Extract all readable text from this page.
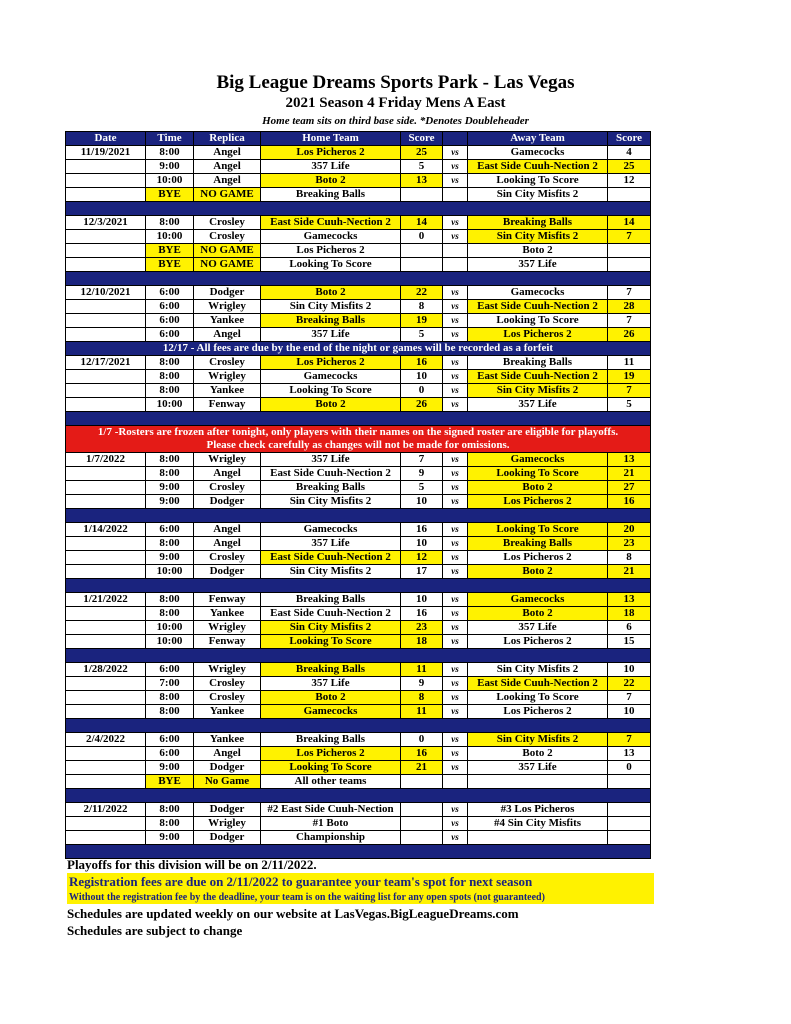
Big League Dreams Sports Park - Las Vegas
2021 Season 4 Friday Mens A East
Home team sits on third base side. *Denotes Doubleheader
Date	Time	Replica	Home Team	Score		Away Team	Score
11/19/2021	8:00	Angel	Los Picheros 2	25	vs	Gamecocks	4
	9:00	Angel	357 Life	5	vs	East Side Cuuh-Nection 2	25
	10:00	Angel	Boto 2	13	vs	Looking To Score	12
	BYE	NO GAME	Breaking Balls			Sin City Misfits 2	

12/3/2021	8:00	Crosley	East Side Cuuh-Nection 2	14	vs	Breaking Balls	14
	10:00	Crosley	Gamecocks	0	vs	Sin City Misfits 2	7
	BYE	NO GAME	Los Picheros 2			Boto 2	
	BYE	NO GAME	Looking To Score			357 Life	

12/10/2021	6:00	Dodger	Boto 2	22	vs	Gamecocks	7
	6:00	Wrigley	Sin City Misfits 2	8	vs	East Side Cuuh-Nection 2	28
	6:00	Yankee	Breaking Balls	19	vs	Looking To Score	7
	6:00	Angel	357 Life	5	vs	Los Picheros 2	26
12/17 - All fees are due by the end of the night or games will be recorded as a forfeit							
12/17/2021	8:00	Crosley	Los Picheros 2	16	vs	Breaking Balls	11
	8:00	Wrigley	Gamecocks	10	vs	East Side Cuuh-Nection 2	19
	8:00	Yankee	Looking To Score	0	vs	Sin City Misfits 2	7
	10:00	Fenway	Boto 2	26	vs	357 Life	5

1/7 -Rosters are frozen after tonight, only players with their names on the signed roster are eligible for playoffs.
Please check carefully as changes will not be made for omissions.							

1/7/2022	8:00	Wrigley	357 Life	7	vs	Gamecocks	13
	8:00	Angel	East Side Cuuh-Nection 2	9	vs	Looking To Score	21
	9:00	Crosley	Breaking Balls	5	vs	Boto 2	27
	9:00	Dodger	Sin City Misfits 2	10	vs	Los Picheros 2	16

1/14/2022	6:00	Angel	Gamecocks	16	vs	Looking To Score	20
	8:00	Angel	357 Life	10	vs	Breaking Balls	23
	9:00	Crosley	East Side Cuuh-Nection 2	12	vs	Los Picheros 2	8
	10:00	Dodger	Sin City Misfits 2	17	vs	Boto 2	21

1/21/2022	8:00	Fenway	Breaking Balls	10	vs	Gamecocks	13
	8:00	Yankee	East Side Cuuh-Nection 2	16	vs	Boto 2	18
	10:00	Wrigley	Sin City Misfits 2	23	vs	357 Life	6
	10:00	Fenway	Looking To Score	18	vs	Los Picheros 2	15

1/28/2022	6:00	Wrigley	Breaking Balls	11	vs	Sin City Misfits 2	10
	7:00	Crosley	357 Life	9	vs	East Side Cuuh-Nection 2	22
	8:00	Crosley	Boto 2	8	vs	Looking To Score	7
	8:00	Yankee	Gamecocks	11	vs	Los Picheros 2	10

2/4/2022	6:00	Yankee	Breaking Balls	0	vs	Sin City Misfits 2	7
	6:00	Angel	Los Picheros 2	16	vs	Boto 2	13
	9:00	Dodger	Looking To Score	21	vs	357 Life	0
	BYE	No Game	All other teams				

2/11/2022	8:00	Dodger	#2 East Side Cuuh-Nection		vs	#3 Los Picheros	
	8:00	Wrigley	#1 Boto		vs	#4 Sin City Misfits	
	9:00	Dodger	Championship		vs		

Playoffs for this division will be on 2/11/2022.
Registration fees are due on 2/11/2022 to guarantee your team's spot for next season
Without the registration fee by the deadline, your team is on the waiting list for any open spots (not guaranteed)
Schedules are updated weekly on our website at LasVegas.BigLeagueDreams.com
Schedules are subject to change
